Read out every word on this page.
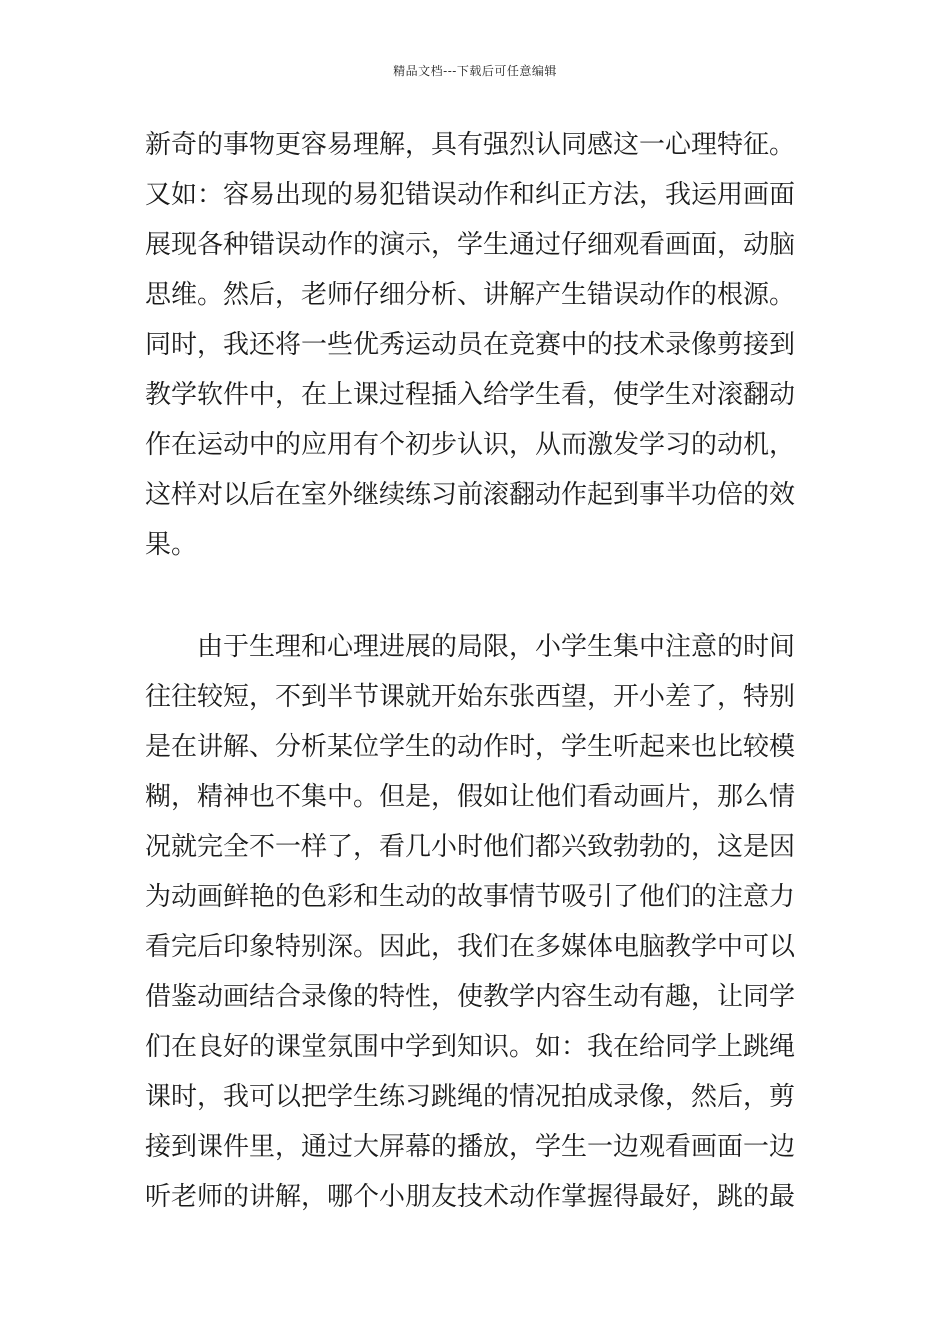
精品文档---下载后可任意编辑
新奇的事物更容易理解，具有强烈认同感这一心理特征。
又如：容易出现的易犯错误动作和纠正方法，我运用画面
展现各种错误动作的演示，学生通过仔细观看画面，动脑
思维。然后，老师仔细分析、讲解产生错误动作的根源。
同时，我还将一些优秀运动员在竞赛中的技术录像剪接到
教学软件中，在上课过程插入给学生看，使学生对滚翻动
作在运动中的应用有个初步认识，从而激发学习的动机，
这样对以后在室外继续练习前滚翻动作起到事半功倍的效
果。
　　由于生理和心理进展的局限，小学生集中注意的时间
往往较短，不到半节课就开始东张西望，开小差了，特别
是在讲解、分析某位学生的动作时，学生听起来也比较模
糊，精神也不集中。但是，假如让他们看动画片，那么情
况就完全不一样了，看几小时他们都兴致勃勃的，这是因
为动画鲜艳的色彩和生动的故事情节吸引了他们的注意力
看完后印象特别深。因此，我们在多媒体电脑教学中可以
借鉴动画结合录像的特性，使教学内容生动有趣，让同学
们在良好的课堂氛围中学到知识。如：我在给同学上跳绳
课时，我可以把学生练习跳绳的情况拍成录像，然后，剪
接到课件里，通过大屏幕的播放，学生一边观看画面一边
听老师的讲解，哪个小朋友技术动作掌握得最好，跳的最
